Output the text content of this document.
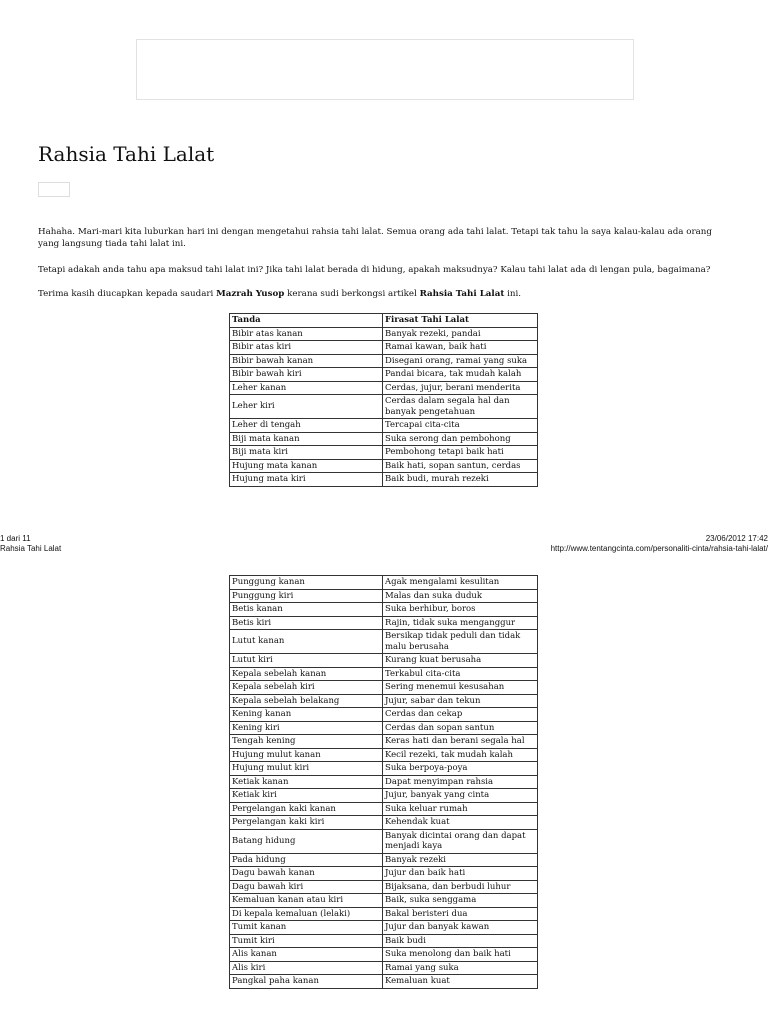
Rahsia Tahi Lalat

Hahaha. Mari-mari kita luburkan hari ini dengan mengetahui rahsia tahi lalat. Semua orang ada tahi lalat. Tetapi tak tahu la saya kalau-kalau ada orang yang langsung tiada tahi lalat ini.

Tetapi adakah anda tahu apa maksud tahi lalat ini? Jika tahi lalat berada di hidung, apakah maksudnya? Kalau tahi lalat ada di lengan pula, bagaimana?

Terima kasih diucapkan kepada saudari Mazrah Yusop kerana sudi berkongsi artikel Rahsia Tahi Lalat ini.

Tanda	Firasat Tahi Lalat
Bibir atas kanan	Banyak rezeki, pandai
Bibir atas kiri	Ramai kawan, baik hati
Bibir bawah kanan	Disegani orang, ramai yang suka
Bibir bawah kiri	Pandai bicara, tak mudah kalah
Leher kanan	Cerdas, jujur, berani menderita
Leher kiri	Cerdas dalam segala hal dan banyak pengetahuan
Leher di tengah	Tercapai cita-cita
Biji mata kanan	Suka serong dan pembohong
Biji mata kiri	Pembohong tetapi baik hati
Hujung mata kanan	Baik hati, sopan santun, cerdas
Hujung mata kiri	Baik budi, murah rezeki
1 dari 11
Rahsia Tahi Lalat
23/06/2012 17:42
http://www.tentangcinta.com/personaliti-cinta/rahsia-tahi-lalat/
Punggung kanan	Agak mengalami kesulitan
Punggung kiri	Malas dan suka duduk
Betis kanan	Suka berhibur, boros
Betis kiri	Rajin, tidak suka menganggur
Lutut kanan	Bersikap tidak peduli dan tidak malu berusaha
Lutut kiri	Kurang kuat berusaha
Kepala sebelah kanan	Terkabul cita-cita
Kepala sebelah kiri	Sering menemui kesusahan
Kepala sebelah belakang	Jujur, sabar dan tekun
Kening kanan	Cerdas dan cekap
Kening kiri	Cerdas dan sopan santun
Tengah kening	Keras hati dan berani segala hal
Hujung mulut kanan	Kecil rezeki, tak mudah kalah
Hujung mulut kiri	Suka berpoya-poya
Ketiak kanan	Dapat menyimpan rahsia
Ketiak kiri	Jujur, banyak yang cinta
Pergelangan kaki kanan	Suka keluar rumah
Pergelangan kaki kiri	Kehendak kuat
Batang hidung	Banyak dicintai orang dan dapat menjadi kaya
Pada hidung	Banyak rezeki
Dagu bawah kanan	Jujur dan baik hati
Dagu bawah kiri	Bijaksana, dan berbudi luhur
Kemaluan kanan atau kiri	Baik, suka senggama
Di kepala kemaluan (lelaki)	Bakal beristeri dua
Tumit kanan	Jujur dan banyak kawan
Tumit kiri	Baik budi
Alis kanan	Suka menolong dan baik hati
Alis kiri	Ramai yang suka
Pangkal paha kanan	Kemaluan kuat
